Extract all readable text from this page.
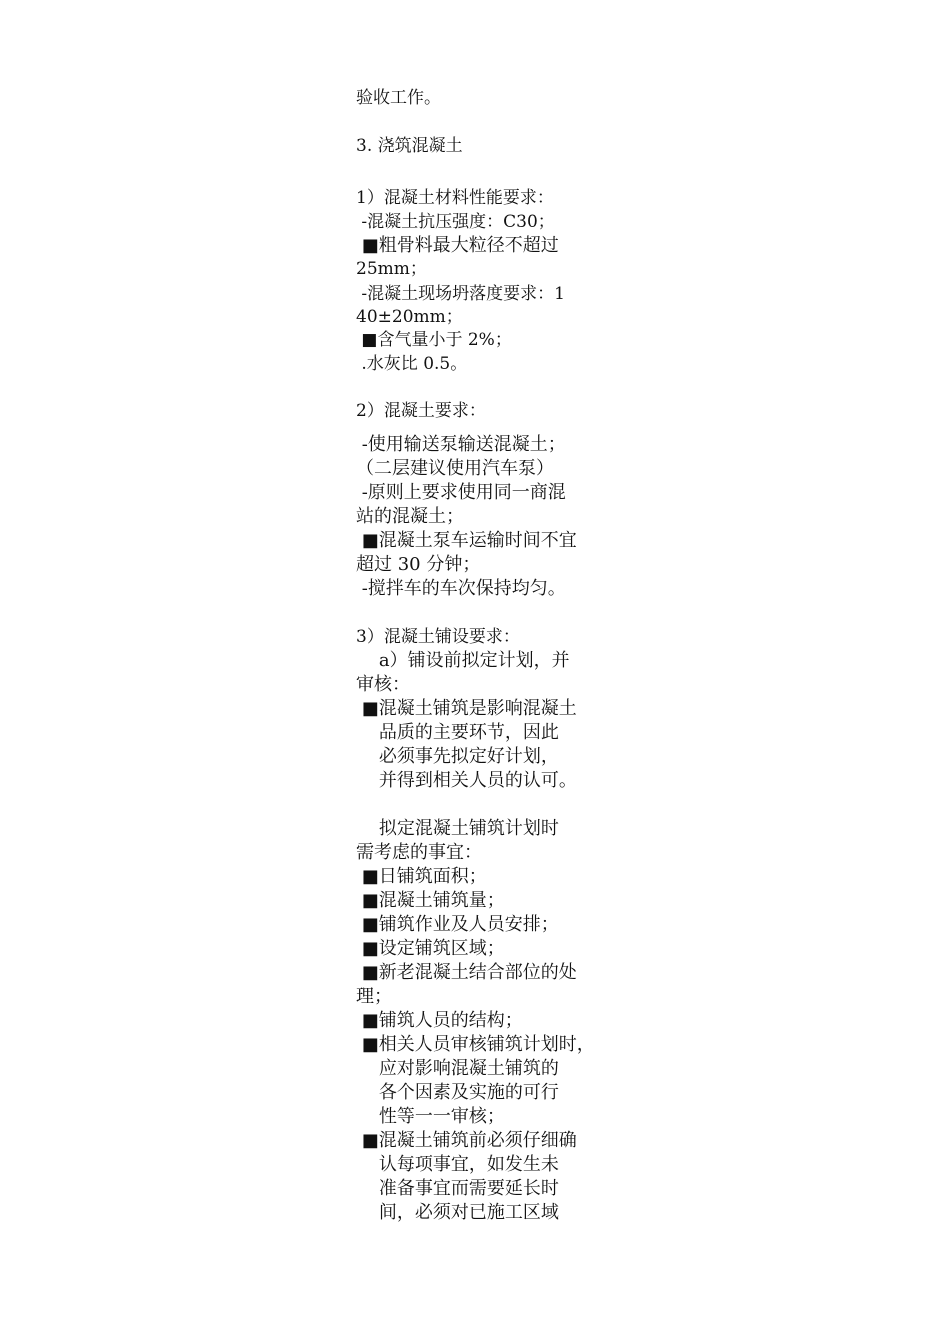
验收工作。

3. 浇筑混凝土

1）混凝土材料性能要求：

-混凝土抗压强度：C30；

■粗骨料最大粒径不超过

25mm；

-混凝土现场坍落度要求：1

40±20mm；

■含气量小于 2%；

.水灰比 0.5。

2）混凝土要求：

-使用输送泵输送混凝土；

（二层建议使用汽车泵）

-原则上要求使用同一商混

站的混凝土；

■混凝土泵车运输时间不宜

超过 30 分钟；

-搅拌车的车次保持均匀。

3）混凝土铺设要求：

a）铺设前拟定计划，并

审核：

■混凝土铺筑是影响混凝土

品质的主要环节，因此

必须事先拟定好计划，

并得到相关人员的认可。

拟定混凝土铺筑计划时

需考虑的事宜：

■日铺筑面积；

■混凝土铺筑量；

■铺筑作业及人员安排；

■设定铺筑区域；

■新老混凝土结合部位的处

理；

■铺筑人员的结构；

■相关人员审核铺筑计划时，

应对影响混凝土铺筑的

各个因素及实施的可行

性等一一审核；

■混凝土铺筑前必须仔细确

认每项事宜，如发生未

准备事宜而需要延长时

间，必须对已施工区域
